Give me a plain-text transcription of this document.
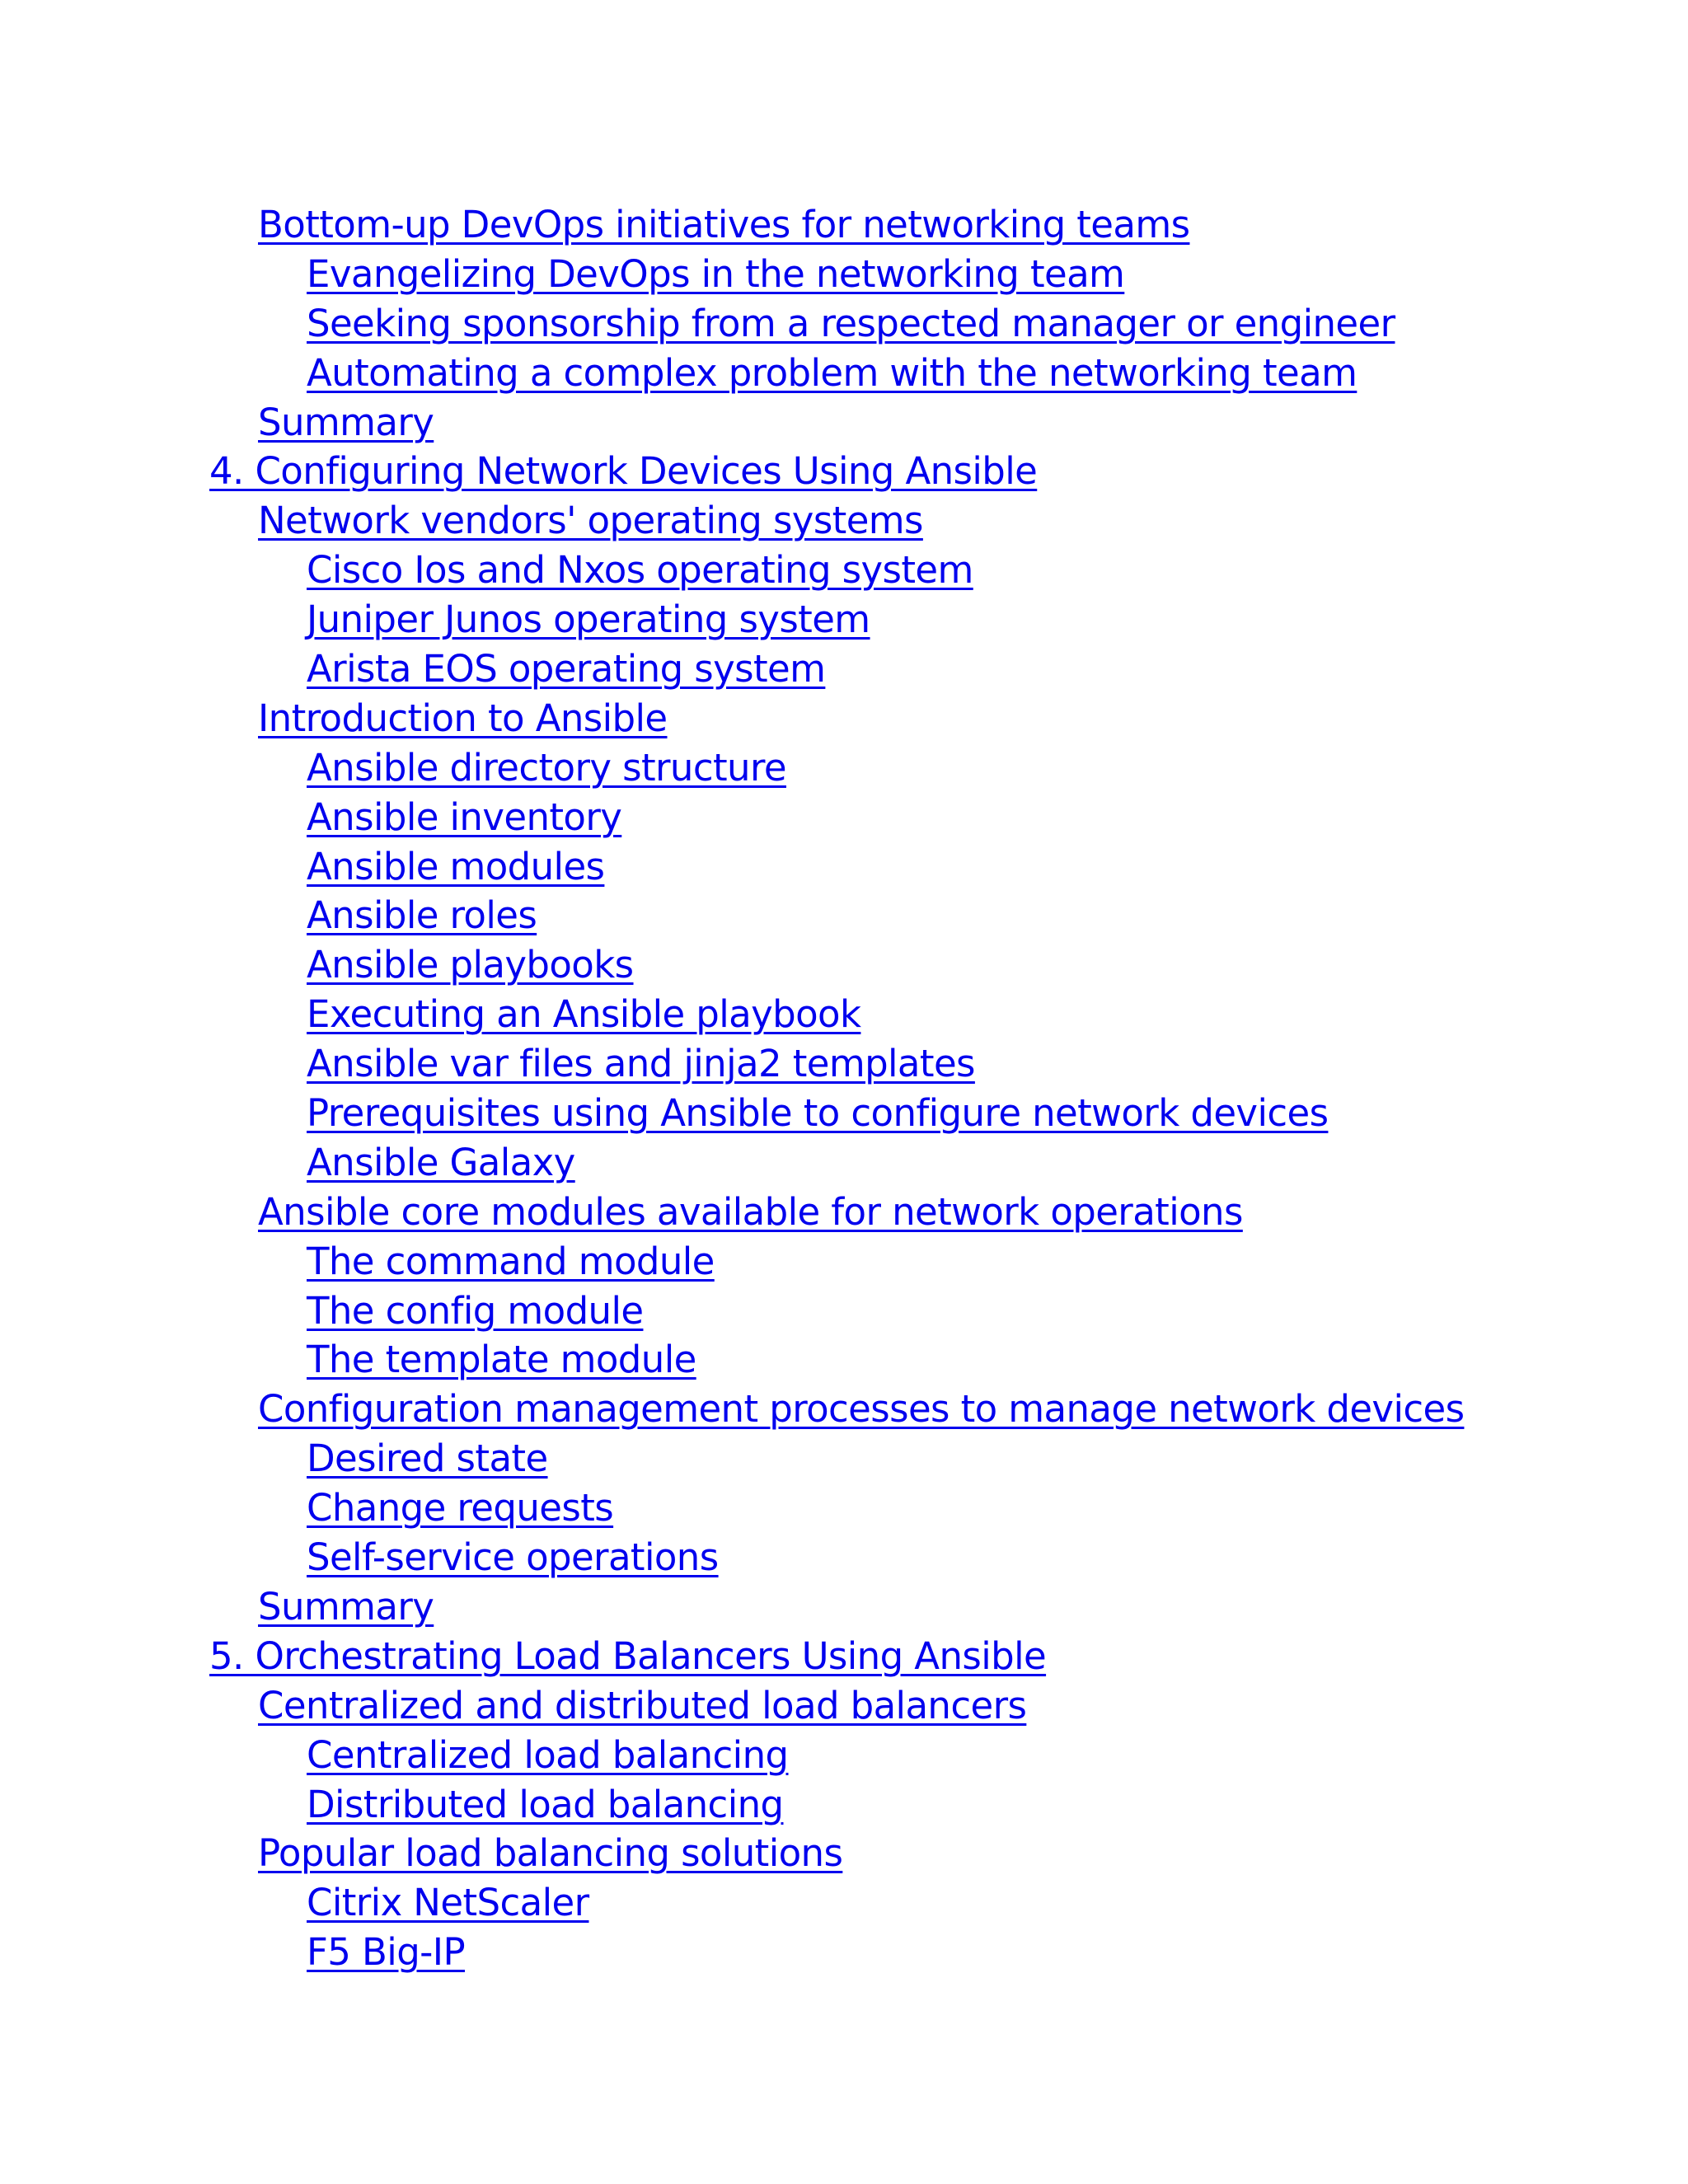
Bottom-up DevOps initiatives for networking teams
Evangelizing DevOps in the networking team
Seeking sponsorship from a respected manager or engineer
Automating a complex problem with the networking team
Summary
4. Configuring Network Devices Using Ansible
Network vendors' operating systems
Cisco Ios and Nxos operating system
Juniper Junos operating system
Arista EOS operating system
Introduction to Ansible
Ansible directory structure
Ansible inventory
Ansible modules
Ansible roles
Ansible playbooks
Executing an Ansible playbook
Ansible var files and jinja2 templates
Prerequisites using Ansible to configure network devices
Ansible Galaxy
Ansible core modules available for network operations
The command module
The config module
The template module
Configuration management processes to manage network devices
Desired state
Change requests
Self-service operations
Summary
5. Orchestrating Load Balancers Using Ansible
Centralized and distributed load balancers
Centralized load balancing
Distributed load balancing
Popular load balancing solutions
Citrix NetScaler
F5 Big-IP
